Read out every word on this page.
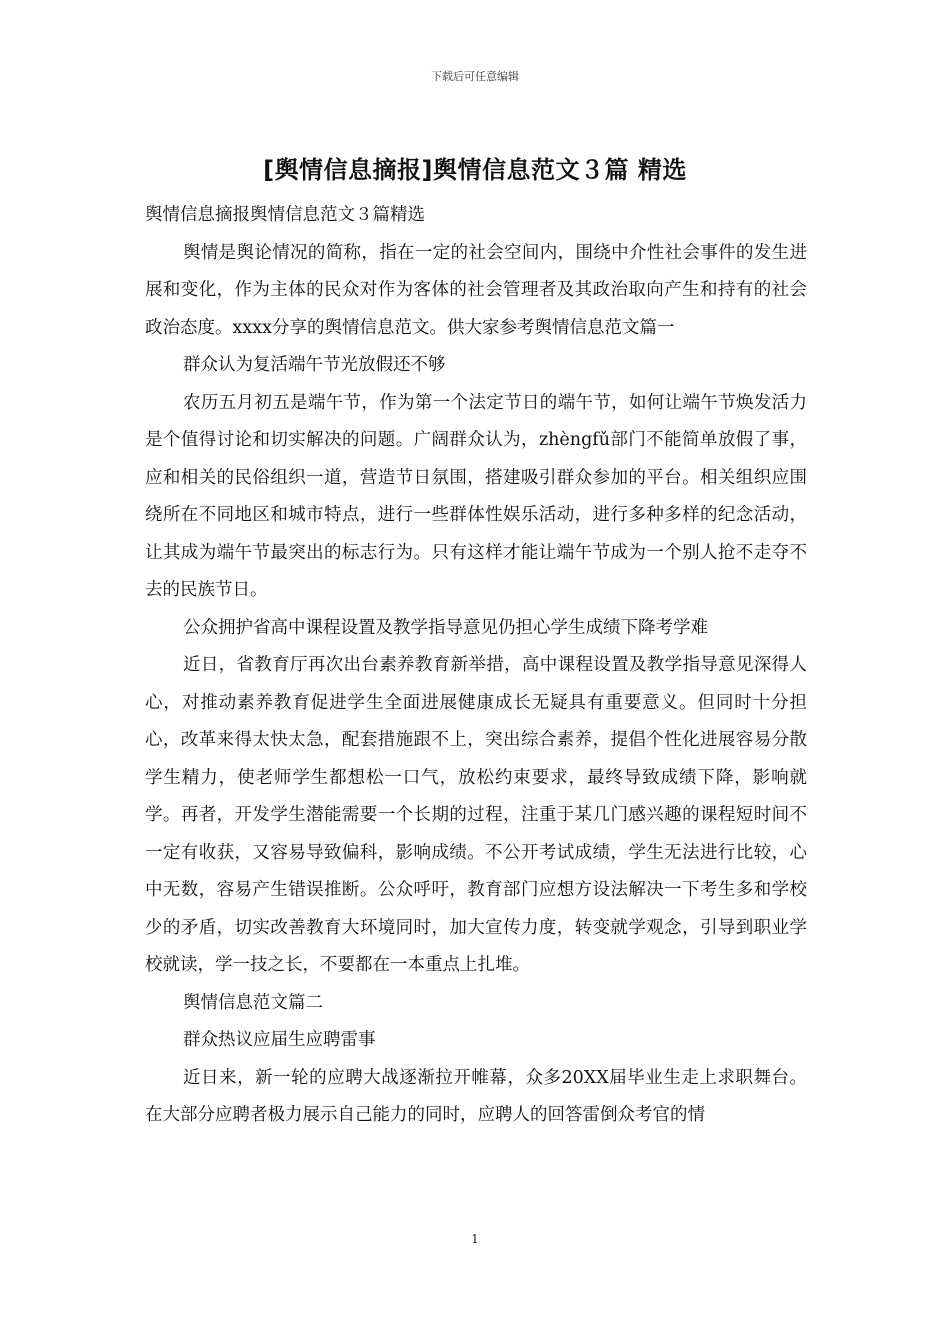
下载后可任意编辑
[舆情信息摘报]舆情信息范文３篇 精选

舆情信息摘报舆情信息范文３篇精选

舆情是舆论情况的简称，指在一定的社会空间内，围绕中介性社会事件的发生进展和变化，作为主体的民众对作为客体的社会管理者及其政治取向产生和持有的社会政治态度。xxxx分享的舆情信息范文。供大家参考舆情信息范文篇一

群众认为复活端午节光放假还不够

农历五月初五是端午节，作为第一个法定节日的端午节，如何让端午节焕发活力是个值得讨论和切实解决的问题。广阔群众认为，zhèngfǔ部门不能简单放假了事，应和相关的民俗组织一道，营造节日氛围，搭建吸引群众参加的平台。相关组织应围绕所在不同地区和城市特点，进行一些群体性娱乐活动，进行多种多样的纪念活动，让其成为端午节最突出的标志行为。只有这样才能让端午节成为一个别人抢不走夺不去的民族节日。

公众拥护省高中课程设置及教学指导意见仍担心学生成绩下降考学难

近日，省教育厅再次出台素养教育新举措，高中课程设置及教学指导意见深得人心，对推动素养教育促进学生全面进展健康成长无疑具有重要意义。但同时十分担心，改革来得太快太急，配套措施跟不上，突出综合素养，提倡个性化进展容易分散学生精力，使老师学生都想松一口气，放松约束要求，最终导致成绩下降，影响就学。再者，开发学生潜能需要一个长期的过程，注重于某几门感兴趣的课程短时间不一定有收获，又容易导致偏科，影响成绩。不公开考试成绩，学生无法进行比较，心中无数，容易产生错误推断。公众呼吁，教育部门应想方设法解决一下考生多和学校少的矛盾，切实改善教育大环境同时，加大宣传力度，转变就学观念，引导到职业学校就读，学一技之长，不要都在一本重点上扎堆。

舆情信息范文篇二

群众热议应届生应聘雷事

近日来，新一轮的应聘大战逐渐拉开帷幕，众多20XX届毕业生走上求职舞台。在大部分应聘者极力展示自己能力的同时，应聘人的回答雷倒众考官的情

1
